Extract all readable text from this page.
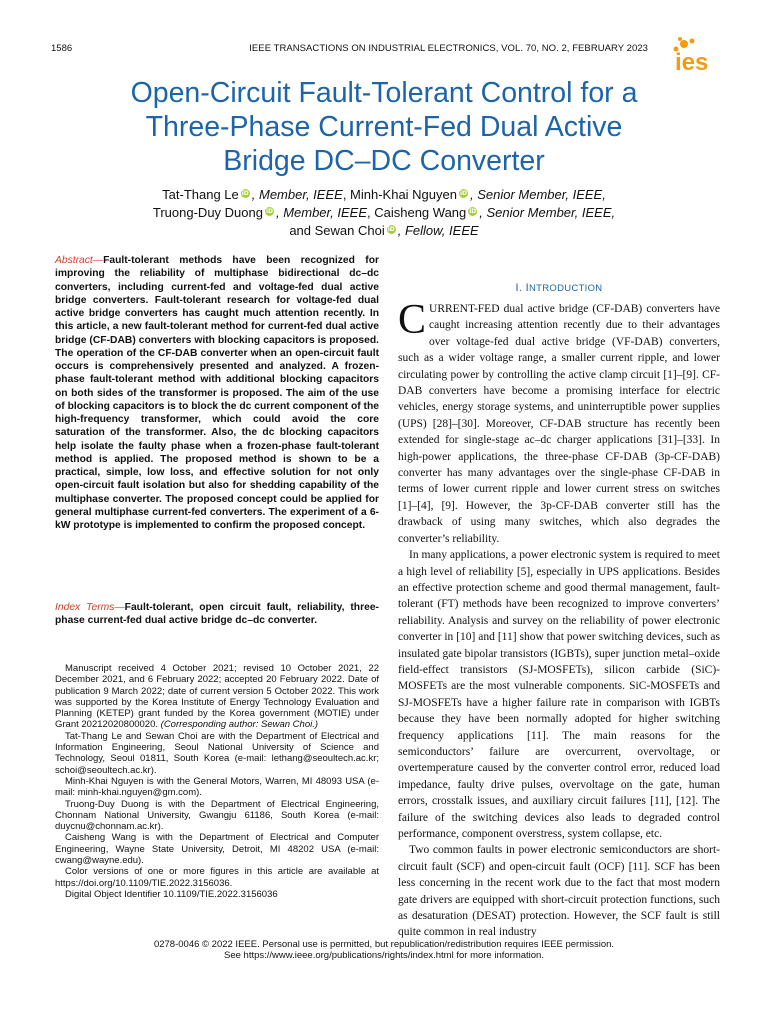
1586	IEEE TRANSACTIONS ON INDUSTRIAL ELECTRONICS, VOL. 70, NO. 2, FEBRUARY 2023
ies
Open-Circuit Fault-Tolerant Control for a
Three-Phase Current-Fed Dual Active
Bridge DC–DC Converter
Tat-Thang Le iD , Member, IEEE, Minh-Khai Nguyen iD , Senior Member, IEEE,
Truong-Duy Duong iD , Member, IEEE, Caisheng Wang iD , Senior Member, IEEE,
and Sewan Choi iD , Fellow, IEEE

Abstract—Fault-tolerant methods have been recognized for improving the reliability of multiphase bidirectional dc–dc converters, including current-fed and voltage-fed dual active bridge converters. Fault-tolerant research for voltage-fed dual active bridge converters has caught much attention recently. In this article, a new fault-tolerant method for current-fed dual active bridge (CF-DAB) converters with blocking capacitors is proposed. The operation of the CF-DAB converter when an open-circuit fault occurs is comprehensively presented and analyzed. A frozen-phase fault-tolerant method with additional blocking capacitors on both sides of the transformer is proposed. The aim of the use of blocking capacitors is to block the dc current component of the high-frequency transformer, which could avoid the core saturation of the transformer. Also, the dc blocking capacitors help isolate the faulty phase when a frozen-phase fault-tolerant method is applied. The proposed method is shown to be a practical, simple, low loss, and effective solution for not only open-circuit fault isolation but also for shedding capability of the multiphase converter. The proposed concept could be applied for general multiphase current-fed converters. The experiment of a 6-kW prototype is implemented to confirm the proposed concept.

Index Terms—Fault-tolerant, open circuit fault, reliability, three-phase current-fed dual active bridge dc–dc converter.

Manuscript received 4 October 2021; revised 10 October 2021, 22 December 2021, and 6 February 2022; accepted 20 February 2022. Date of publication 9 March 2022; date of current version 5 October 2022. This work was supported by the Korea Institute of Energy Technology Evaluation and Planning (KETEP) grant funded by the Korea government (MOTIE) under Grant 20212020800020. (Corresponding author: Sewan Choi.)

Tat-Thang Le and Sewan Choi are with the Department of Electrical and Information Engineering, Seoul National University of Science and Technology, Seoul 01811, South Korea (e-mail: lethang@seoultech.ac.kr; schoi@seoultech.ac.kr).

Minh-Khai Nguyen is with the General Motors, Warren, MI 48093 USA (e-mail: minh-khai.nguyen@gm.com).

Truong-Duy Duong is with the Department of Electrical Engineering, Chonnam National University, Gwangju 61186, South Korea (e-mail: duycnu@chonnam.ac.kr).

Caisheng Wang is with the Department of Electrical and Computer Engineering, Wayne State University, Detroit, MI 48202 USA (e-mail: cwang@wayne.edu).

Color versions of one or more figures in this article are available at https://doi.org/10.1109/TIE.2022.3156036.

Digital Object Identifier 10.1109/TIE.2022.3156036

I. INTRODUCTION

CURRENT-FED dual active bridge (CF-DAB) converters have caught increasing attention recently due to their advantages over voltage-fed dual active bridge (VF-DAB) converters, such as a wider voltage range, a smaller current ripple, and lower circulating power by controlling the active clamp circuit [1]–[9]. CF-DAB converters have become a promising interface for electric vehicles, energy storage systems, and uninterruptible power supplies (UPS) [28]–[30]. Moreover, CF-DAB structure has recently been extended for single-stage ac–dc charger applications [31]–[33]. In high-power applications, the three-phase CF-DAB (3p-CF-DAB) converter has many advantages over the single-phase CF-DAB in terms of lower current ripple and lower current stress on switches [1]–[4], [9]. However, the 3p-CF-DAB converter still has the drawback of using many switches, which also degrades the converter’s reliability.

In many applications, a power electronic system is required to meet a high level of reliability [5], especially in UPS applications. Besides an effective protection scheme and good thermal management, fault-tolerant (FT) methods have been recognized to improve converters’ reliability. Analysis and survey on the reliability of power electronic converter in [10] and [11] show that power switching devices, such as insulated gate bipolar transistors (IGBTs), super junction metal–oxide field-effect transistors (SJ-MOSFETs), silicon carbide (SiC)-MOSFETs are the most vulnerable components. SiC-MOSFETs and SJ-MOSFETs have a higher failure rate in comparison with IGBTs because they have been normally adopted for higher switching frequency applications [11]. The main reasons for the semiconductors’ failure are overcurrent, overvoltage, or overtemperature caused by the converter control error, reduced load impedance, faulty drive pulses, overvoltage on the gate, human errors, crosstalk issues, and auxiliary circuit failures [11], [12]. The failure of the switching devices also leads to degraded control performance, component overstress, system collapse, etc.

Two common faults in power electronic semiconductors are short-circuit fault (SCF) and open-circuit fault (OCF) [11]. SCF has been less concerning in the recent work due to the fact that most modern gate drivers are equipped with short-circuit protection functions, such as desaturation (DESAT) protection. However, the SCF fault is still quite common in real industry

0278-0046 © 2022 IEEE. Personal use is permitted, but republication/redistribution requires IEEE permission.
See https://www.ieee.org/publications/rights/index.html for more information.
